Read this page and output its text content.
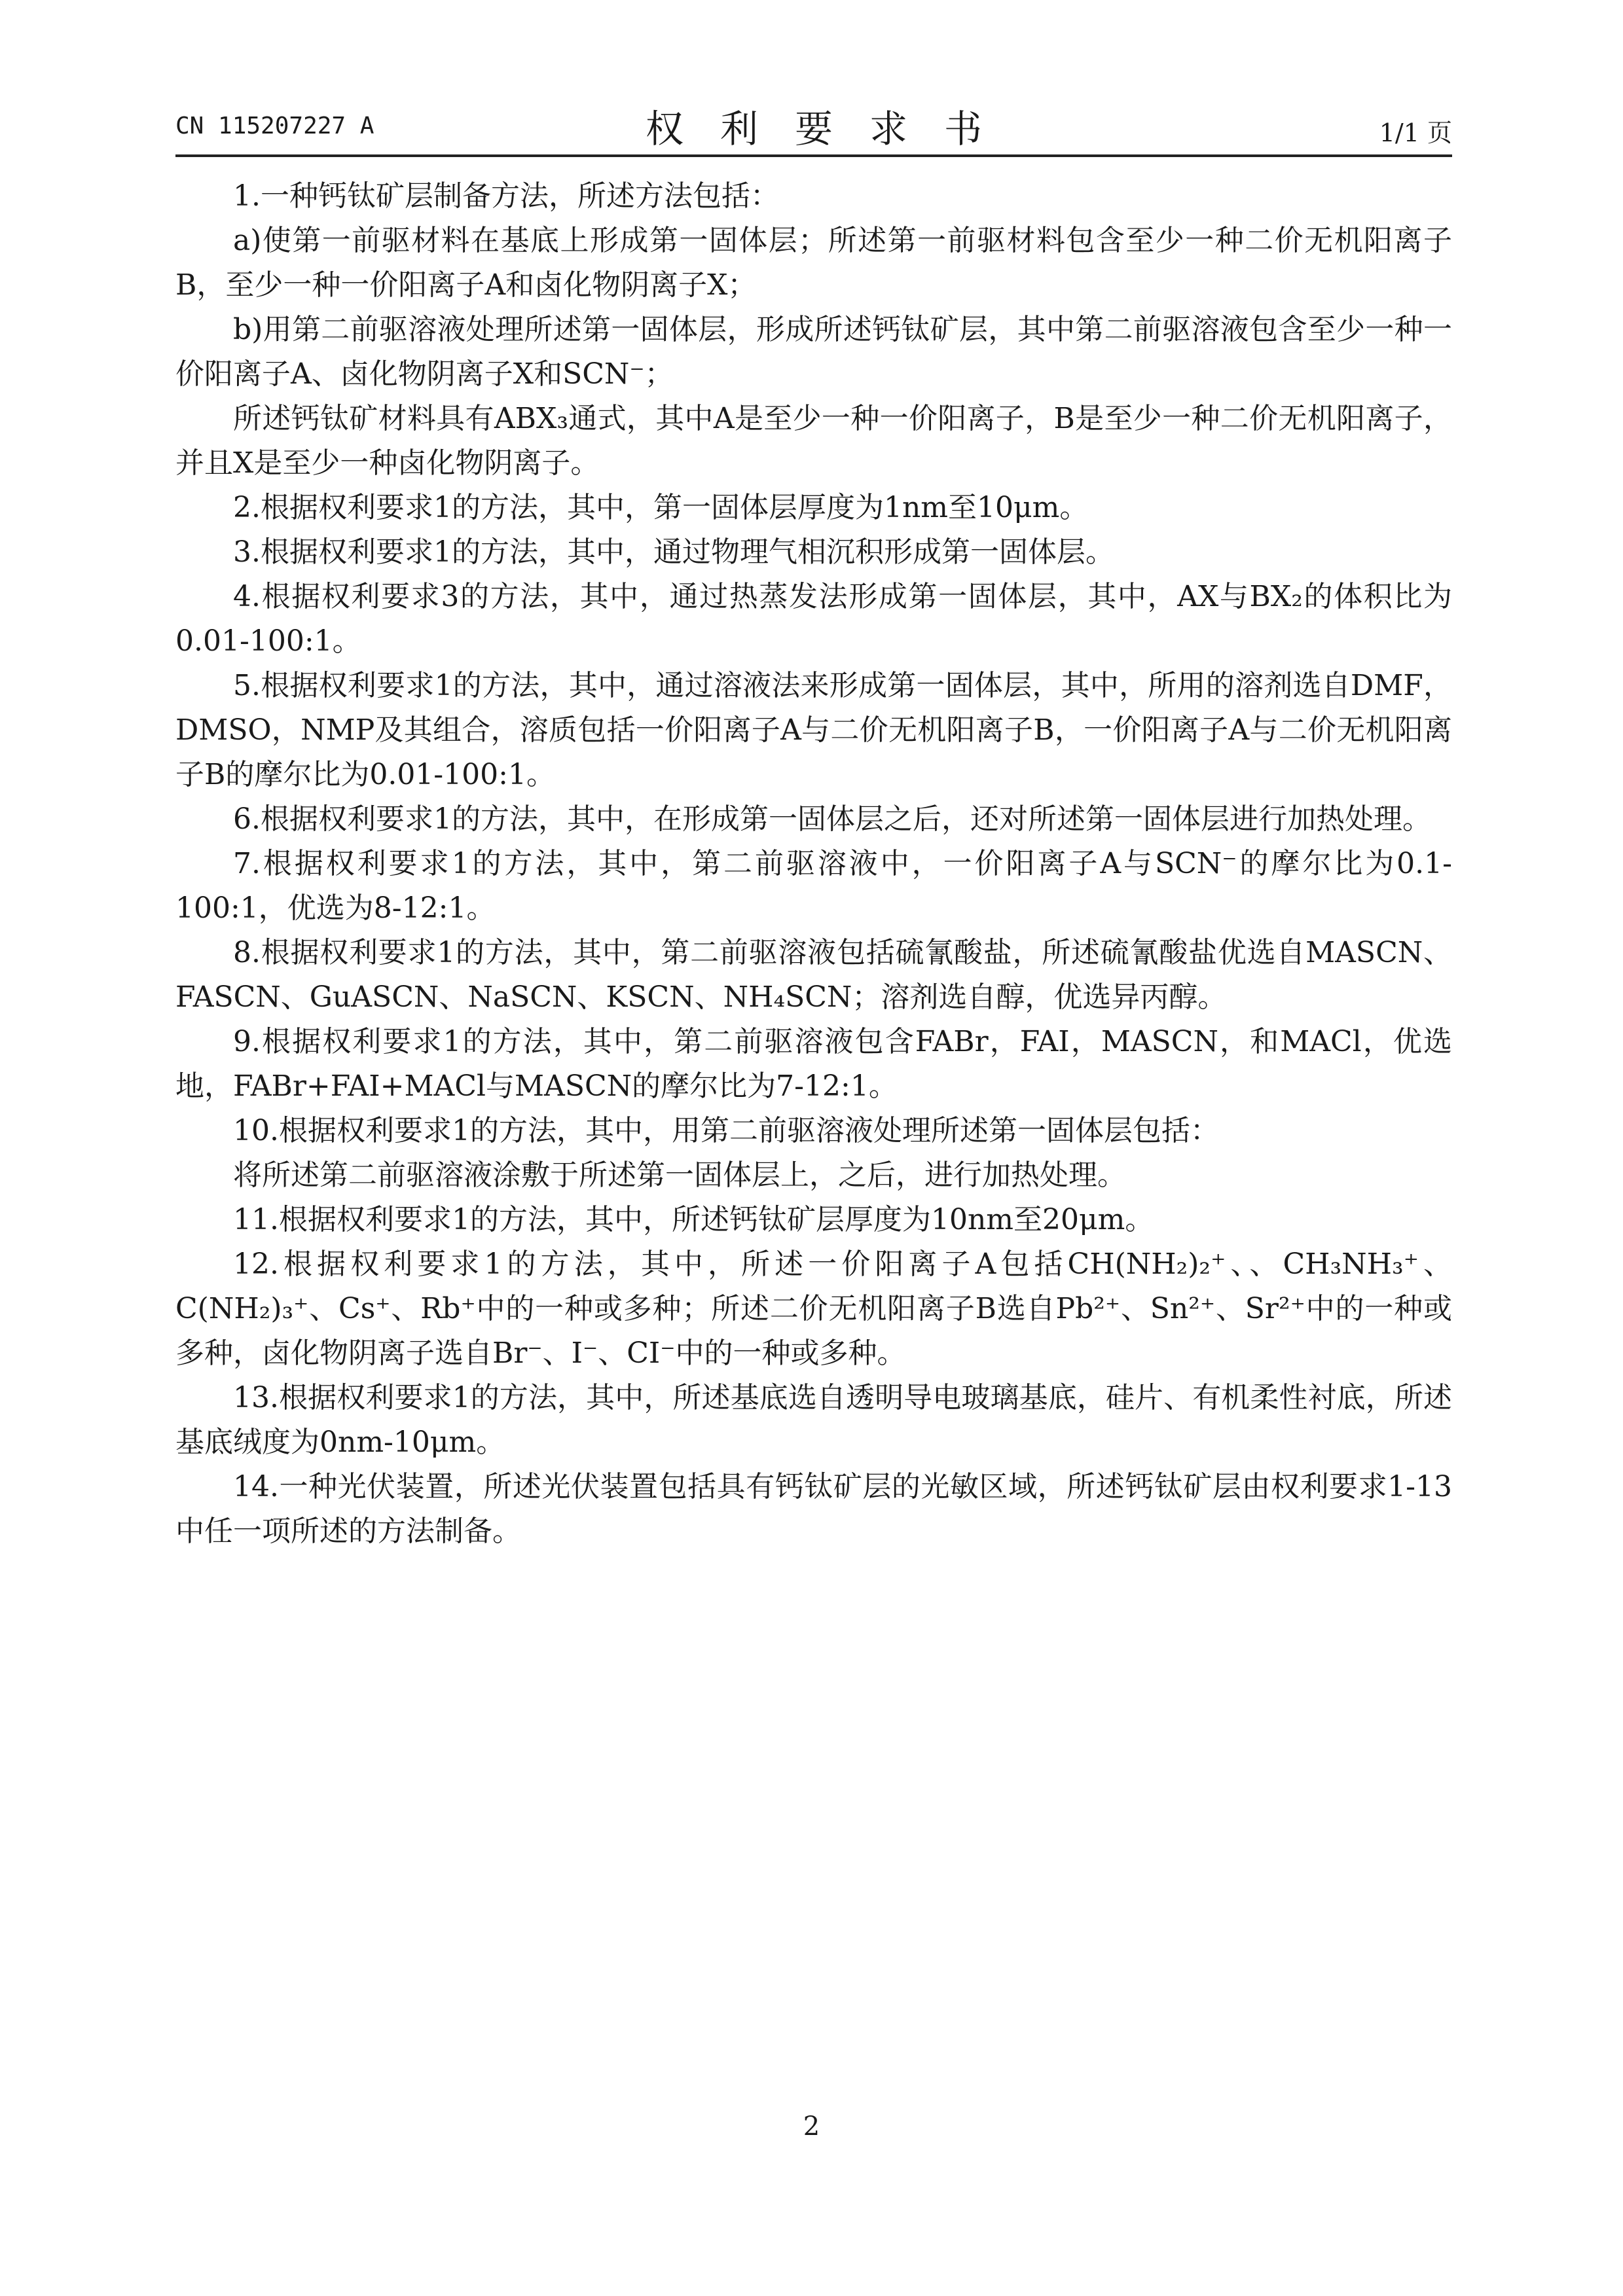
CN 115207227 A	权利要求书	1/1 页

1.一种钙钛矿层制备方法，所述方法包括：

a)使第一前驱材料在基底上形成第一固体层；所述第一前驱材料包含至少一种二价无机阳离子B，至少一种一价阳离子A和卤化物阴离子X；

b)用第二前驱溶液处理所述第一固体层，形成所述钙钛矿层，其中第二前驱溶液包含至少一种一价阳离子A、卤化物阴离子X和SCN⁻；

所述钙钛矿材料具有ABX₃通式，其中A是至少一种一价阳离子，B是至少一种二价无机阳离子，并且X是至少一种卤化物阴离子。

2.根据权利要求1的方法，其中，第一固体层厚度为1nm至10μm。

3.根据权利要求1的方法，其中，通过物理气相沉积形成第一固体层。

4.根据权利要求3的方法，其中，通过热蒸发法形成第一固体层，其中，AX与BX₂的体积比为0.01-100:1。

5.根据权利要求1的方法，其中，通过溶液法来形成第一固体层，其中，所用的溶剂选自DMF，DMSO，NMP及其组合，溶质包括一价阳离子A与二价无机阳离子B，一价阳离子A与二价无机阳离子B的摩尔比为0.01-100:1。

6.根据权利要求1的方法，其中，在形成第一固体层之后，还对所述第一固体层进行加热处理。

7.根据权利要求1的方法，其中，第二前驱溶液中，一价阳离子A与SCN⁻的摩尔比为0.1-100:1，优选为8-12:1。

8.根据权利要求1的方法，其中，第二前驱溶液包括硫氰酸盐，所述硫氰酸盐优选自MASCN、FASCN、GuASCN、NaSCN、KSCN、NH₄SCN；溶剂选自醇，优选异丙醇。

9.根据权利要求1的方法，其中，第二前驱溶液包含FABr，FAI，MASCN，和MACl，优选地，FABr+FAI+MACl与MASCN的摩尔比为7-12:1。

10.根据权利要求1的方法，其中，用第二前驱溶液处理所述第一固体层包括：

将所述第二前驱溶液涂敷于所述第一固体层上，之后，进行加热处理。

11.根据权利要求1的方法，其中，所述钙钛矿层厚度为10nm至20μm。

12.根据权利要求1的方法，其中，所述一价阳离子A包括CH(NH₂)₂⁺、、CH₃NH₃⁺、C(NH₂)₃⁺、Cs⁺、Rb⁺中的一种或多种；所述二价无机阳离子B选自Pb²⁺、Sn²⁺、Sr²⁺中的一种或多种，卤化物阴离子选自Br⁻、I⁻、CI⁻中的一种或多种。

13.根据权利要求1的方法，其中，所述基底选自透明导电玻璃基底，硅片、有机柔性衬底，所述基底绒度为0nm-10μm。

14.一种光伏装置，所述光伏装置包括具有钙钛矿层的光敏区域，所述钙钛矿层由权利要求1-13中任一项所述的方法制备。

2
